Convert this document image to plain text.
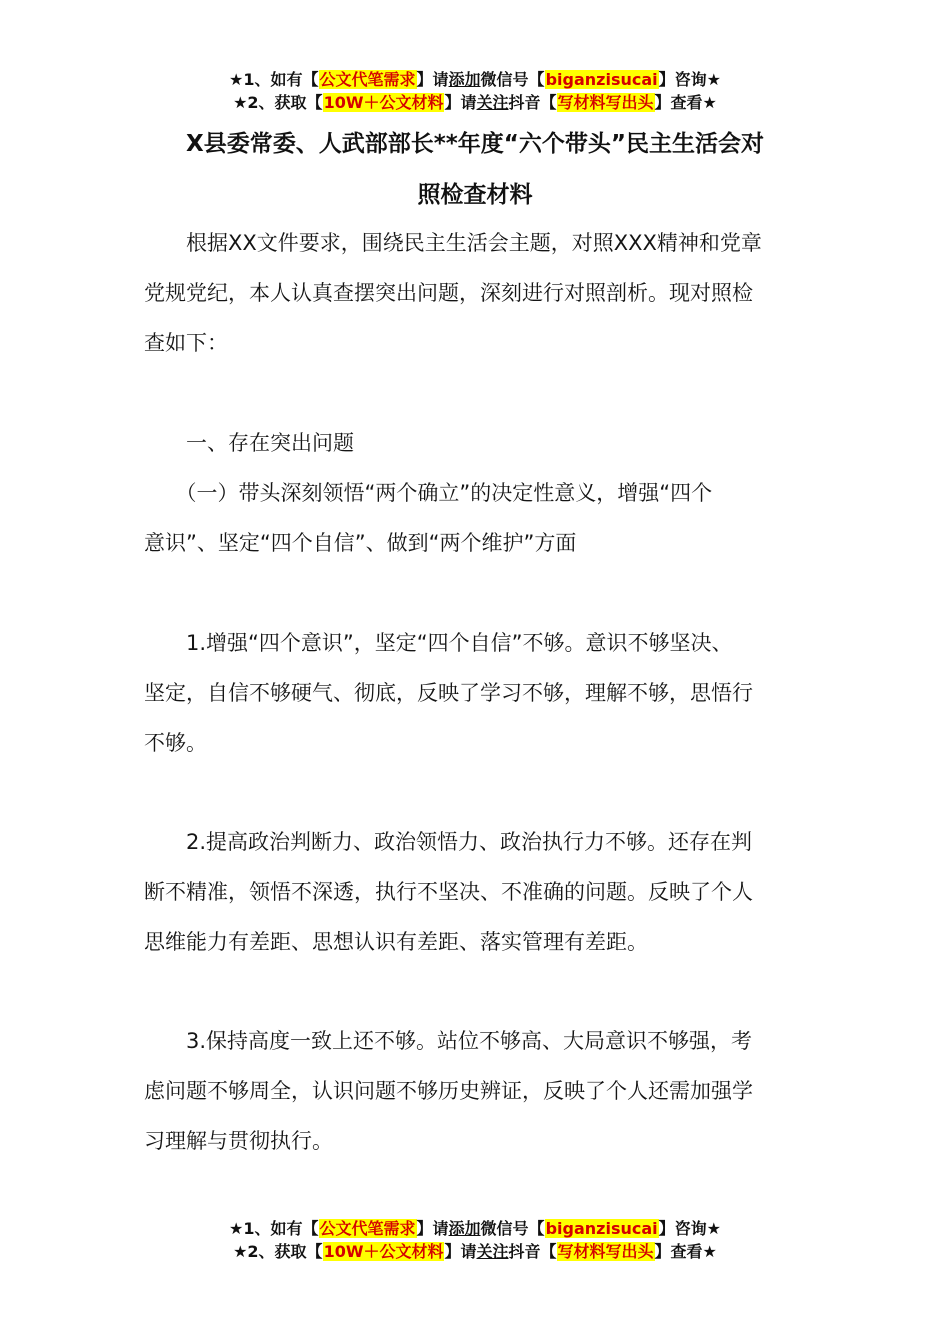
★1、如有【公文代笔需求】请添加微信号【biganzisucai】咨询★
★2、获取【10W＋公文材料】请关注抖音【写材料写出头】查看★
X县委常委、人武部部长**年度“六个带头”民主生活会对
照检查材料
　　根据XX文件要求，围绕民主生活会主题，对照XXX精神和党章
党规党纪，本人认真查摆突出问题，深刻进行对照剖析。现对照检
查如下：
　　一、存在突出问题
　　（一）带头深刻领悟“两个确立”的决定性意义，增强“四个
意识”、坚定“四个自信”、做到“两个维护”方面
　　1.增强“四个意识”，坚定“四个自信”不够。意识不够坚决、
坚定，自信不够硬气、彻底，反映了学习不够，理解不够，思悟行
不够。
　　2.提高政治判断力、政治领悟力、政治执行力不够。还存在判
断不精准，领悟不深透，执行不坚决、不准确的问题。反映了个人
思维能力有差距、思想认识有差距、落实管理有差距。
　　3.保持高度一致上还不够。站位不够高、大局意识不够强，考
虑问题不够周全，认识问题不够历史辨证，反映了个人还需加强学
习理解与贯彻执行。
★1、如有【公文代笔需求】请添加微信号【biganzisucai】咨询★
★2、获取【10W＋公文材料】请关注抖音【写材料写出头】查看★
